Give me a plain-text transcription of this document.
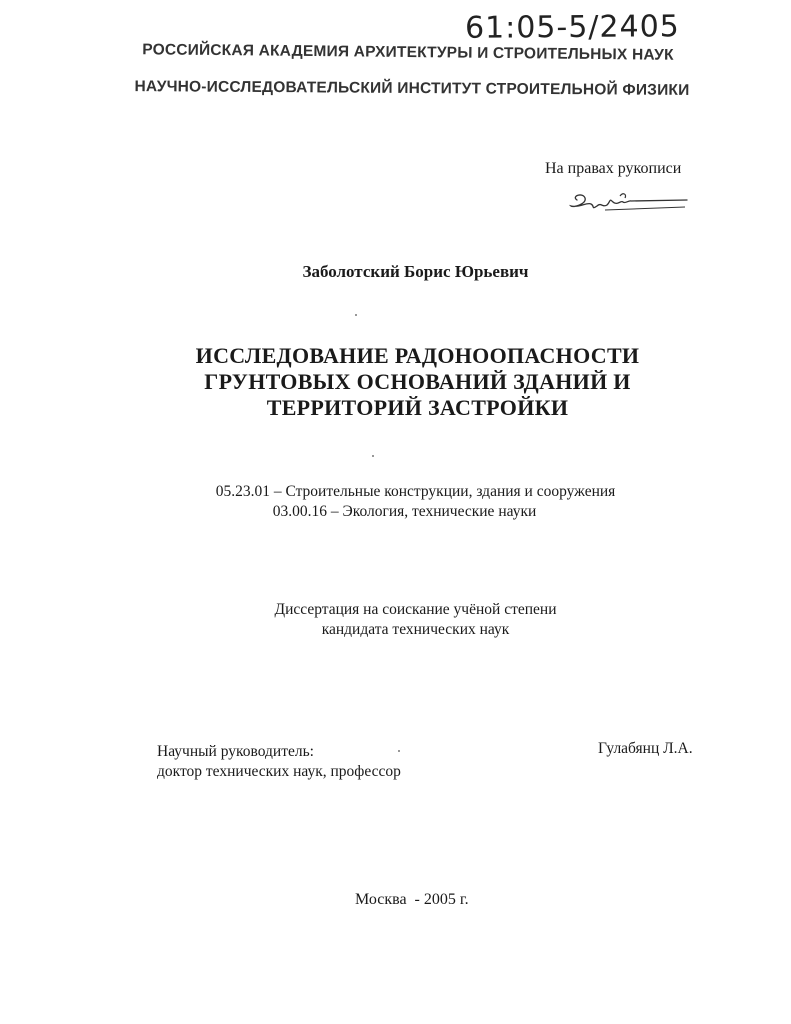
61:05-5/2405
РОССИЙСКАЯ АКАДЕМИЯ АРХИТЕКТУРЫ И СТРОИТЕЛЬНЫХ НАУК
НАУЧНО-ИССЛЕДОВАТЕЛЬСКИЙ ИНСТИТУТ СТРОИТЕЛЬНОЙ ФИЗИКИ
На правах рукописи
Заболотский Борис Юрьевич
ИССЛЕДОВАНИЕ РАДОНООПАСНОСТИ
ГРУНТОВЫХ ОСНОВАНИЙ ЗДАНИЙ И
ТЕРРИТОРИЙ ЗАСТРОЙКИ
05.23.01 – Строительные конструкции, здания и сооружения
03.00.16 – Экология, технические науки
Диссертация на соискание учёной степени
кандидата технических наук
Научный руководитель:
доктор технических наук, профессор
Гулабянц Л.А.
Москва  - 2005 г.
